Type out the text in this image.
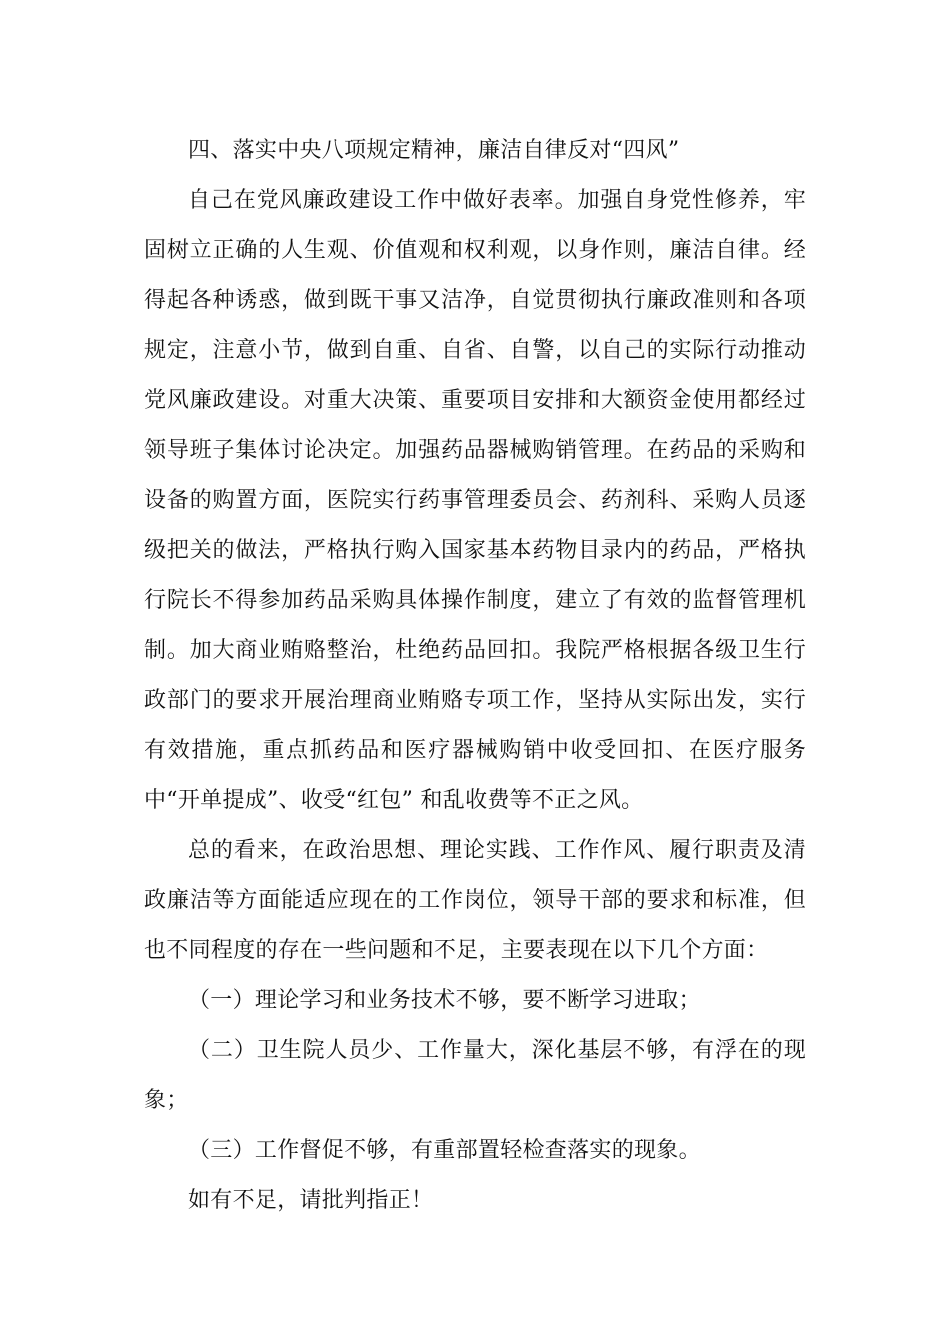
四、落实中央八项规定精神，廉洁自律反对“四风”

自己在党风廉政建设工作中做好表率。加强自身党性修养，牢固树立正确的人生观、价值观和权利观，以身作则，廉洁自律。经得起各种诱惑，做到既干事又洁净，自觉贯彻执行廉政准则和各项规定，注意小节，做到自重、自省、自警，以自己的实际行动推动党风廉政建设。对重大决策、重要项目安排和大额资金使用都经过领导班子集体讨论决定。加强药品器械购销管理。在药品的采购和设备的购置方面，医院实行药事管理委员会、药剂科、采购人员逐级把关的做法，严格执行购入国家基本药物目录内的药品，严格执行院长不得参加药品采购具体操作制度，建立了有效的监督管理机制。加大商业贿赂整治，杜绝药品回扣。我院严格根据各级卫生行政部门的要求开展治理商业贿赂专项工作，坚持从实际出发，实行有效措施，重点抓药品和医疗器械购销中收受回扣、在医疗服务中“开单提成”、收受“红包” 和乱收费等不正之风。

总的看来，在政治思想、理论实践、工作作风、履行职责及清政廉洁等方面能适应现在的工作岗位，领导干部的要求和标准，但也不同程度的存在一些问题和不足，主要表现在以下几个方面：

（一）理论学习和业务技术不够，要不断学习进取；

（二）卫生院人员少、工作量大，深化基层不够，有浮在的现象；

（三）工作督促不够，有重部置轻检查落实的现象。

如有不足，请批判指正！
